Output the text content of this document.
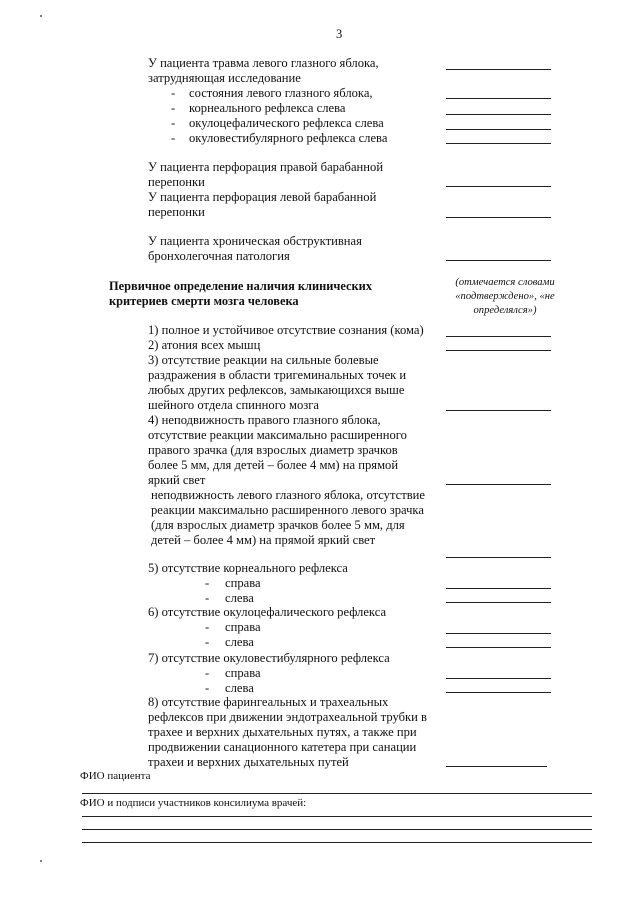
3
У пациента травма левого глазного яблока,
затрудняющая исследование
- состояния левого глазного яблока,
- корнеального рефлекса слева
- окулоцефалического рефлекса слева
- окуловестибулярного рефлекса слева
У пациента перфорация правой барабанной
перепонки
У пациента перфорация левой барабанной
перепонки
У пациента хроническая обструктивная
бронхолегочная патология
Первичное определение наличия клинических
критериев смерти мозга человека
(отмечается словами
«подтверждено», «не
определялся»)
1) полное и устойчивое отсутствие сознания (кома)
2) атония всех мышц
3) отсутствие реакции на сильные болевые
раздражения в области тригеминальных точек и
любых других рефлексов, замыкающихся выше
шейного отдела спинного мозга
4) неподвижность правого глазного яблока,
отсутствие реакции максимально расширенного
правого зрачка (для взрослых диаметр зрачков
более 5 мм, для детей – более 4 мм) на прямой
яркий свет
неподвижность левого глазного яблока, отсутствие
реакции максимально расширенного левого зрачка
(для взрослых диаметр зрачков более 5 мм, для
детей – более 4 мм) на прямой яркий свет
5) отсутствие корнеального рефлекса
- справа
- слева
6) отсутствие окулоцефалического рефлекса
- справа
- слева
7) отсутствие окуловестибулярного рефлекса
- справа
- слева
8) отсутствие фарингеальных и трахеальных
рефлексов при движении эндотрахеальной трубки в
трахее и верхних дыхательных путях, а также при
продвижении санационного катетера при санации
трахеи и верхних дыхательных путей
ФИО пациента
ФИО и подписи участников консилиума врачей:
